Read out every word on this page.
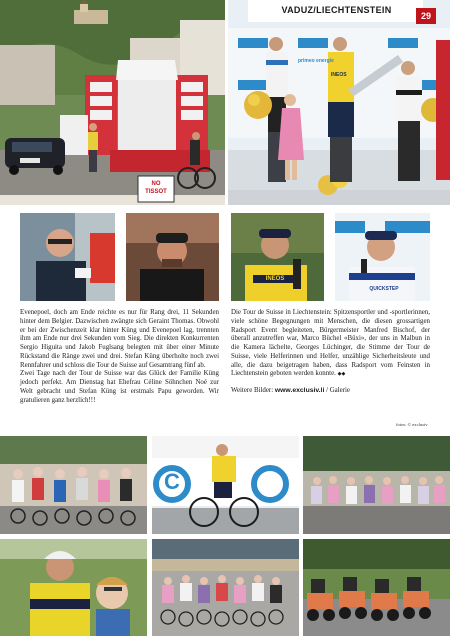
NO
TISSOT
VADUZ/LIECHTENSTEIN
primeo energie
INEOS
29
INEOS
QUICKSTEP

Evenepoel, doch am Ende reichte es nur für Rang drei, 11 Sekunden hinter dem Belgier. Dazwischen zwängte sich Geraint Thomas. Obwohl er bei der Zwischenzeit klar hinter Küng und Evenepoel lag, trennten ihm am Ende nur drei Sekunden vom Sieg. Die direkten Konkurrenten Sergio Higuita und Jakob Fuglsang belegten mit über einer Minute Rückstand die Ränge zwei und drei. Stefan Küng überholte noch zwei Rennfahrer und schloss die Tour de Suisse auf Gesamtrang fünf ab.

Zwei Tage nach der Tour de Suisse war das Glück der Familie Küng jedoch perfekt. Am Dienstag hat Ehefrau Céline Söhnchen Noé zur Welt gebracht und Stefan Küng ist erstmals Papu geworden. Wir gratulieren ganz herzlich!!!

Die Tour de Suisse in Liechtenstein: Spitzensportler und -sportlerinnen, viele schöne Begegnungen mit Menschen, die diesen grossartigen Radsport Event begleiteten, Bürgermeister Manfred Bischof, der überall anzutreffen war, Marco Büchel «Büxi», der uns in Malbun in die Kamera lächelte, Georges Lüchinger, die Stimme der Tour de Suisse, viele Helferinnen und Helfer, unzählige Sicherheitsleute und alle, die dazu beigetragen haben, dass Radsport vom Feinsten in Liechtenstein geboten werden konnte. ◆◆

Weitere Bilder: www.exclusiv.li / Galerie

fotos: © exclusiv
C
